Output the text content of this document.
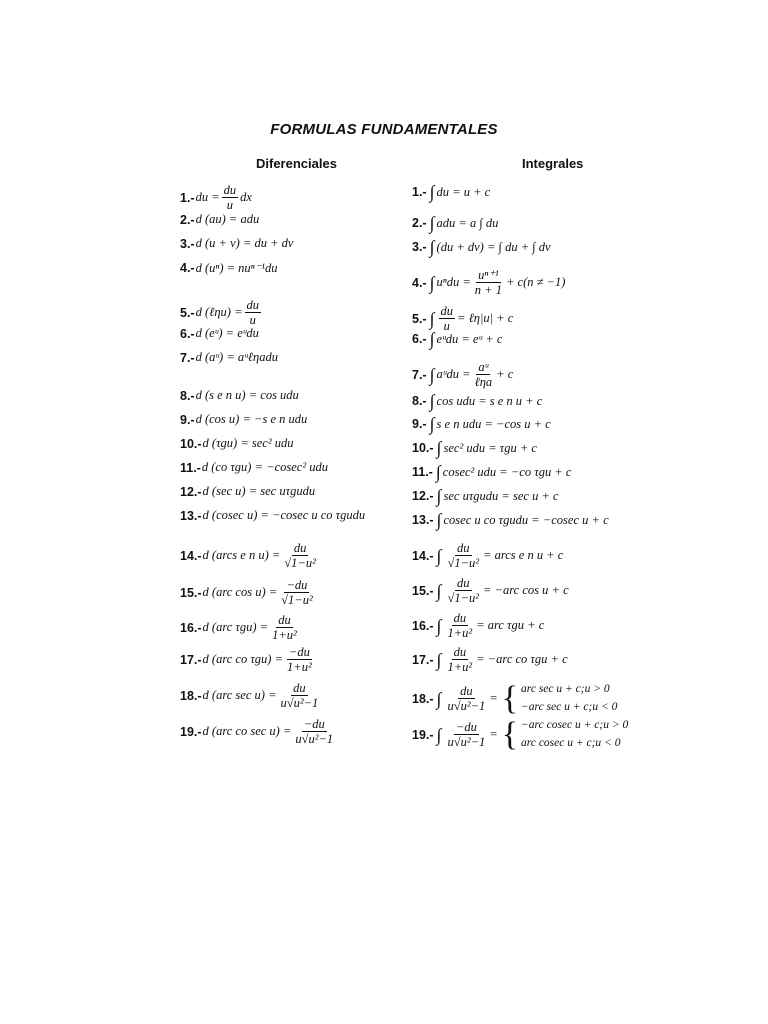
FORMULAS FUNDAMENTALES
Diferenciales	Integrales
1.- du = $\frac{du}{u}$ dx
2.- d (au) = adu
3.- d (u + v) = du + dv
4.- d (uⁿ) = nuⁿ⁻¹du
5.- d (ℓηu) = $\frac{du}{u}$
6.- d (eᵘ) = eᵘdu
7.- d (aᵘ) = aᵘℓηadu
8.- d (s e n u) = cos udu
9.- d (cos u) = −s e n udu
10.- d (τgu) = sec² udu
11.- d (co τgu) = −cosec² udu
12.- d (sec u) = sec uτgudu
13.- d (cosec u) = −cosec u co τgudu
14.- d (arcs e n $u) = \frac{du}{\text{√1−u²}}$
15.- d (arc $\cos u) = \frac{-du}{\text{√1−u²}}$
16.- d (arc $\tau gu) = \frac{du}{\text{1+u²}}$
17.- d (arc co $\tau gu) = \frac{-du}{\text{1+u²}}$
18.- d (arc $\sec u) = \frac{du}{\text{u√u²−1}}$
19.- d (arc co $\sec u) = \frac{-du}{\text{u√u²−1}}$
1.- ∫ du = u + c
2.- ∫ adu = a ∫ du
3.- ∫ (du + dv) = ∫ du + ∫ dv
4.- ∫ $u^ndu = \frac{\text{uⁿ⁺¹}}{n + 1} + c(n \ne -1)$
5.- ∫ $\frac{du}{u}$ = ℓη|u| + c
6.- ∫ eᵘdu = eᵘ + c
7.- ∫ aᵘdu = $\frac{\text{aᵘ}}{\text{ℓηa}} + c$
8.- ∫ cos udu = s e n u + c
9.- ∫ s e n udu = −cos u + c
10.- ∫ sec² udu = τgu + c
11.- ∫ cosec² udu = −co τgu + c
12.- ∫ sec uτgudu = sec u + c
13.- ∫ cosec u co τgudu = −cosec u + c
14.- ∫ $\frac{du}{\text{√1−u²}}$ = arcs e n u + c
15.- ∫ $\frac{du}{\text{√1−u²}} = -arc$ cos u + c
16.- ∫ $\frac{du}{\text{1+u²}}$ = arc τgu + c
17.- ∫ $\frac{du}{\text{1+u²}} = -arc$ co τgu + c
18.- ∫ $\frac{du}{\text{u√u²−1}}$ = { arc sec u + c;u > 0
−arc sec u + c;u < 0
19.- ∫ $\frac{-du}{\text{u√u²−1}}$ = { −arc cosec u + c;u > 0
arc cosec u + c;u < 0
